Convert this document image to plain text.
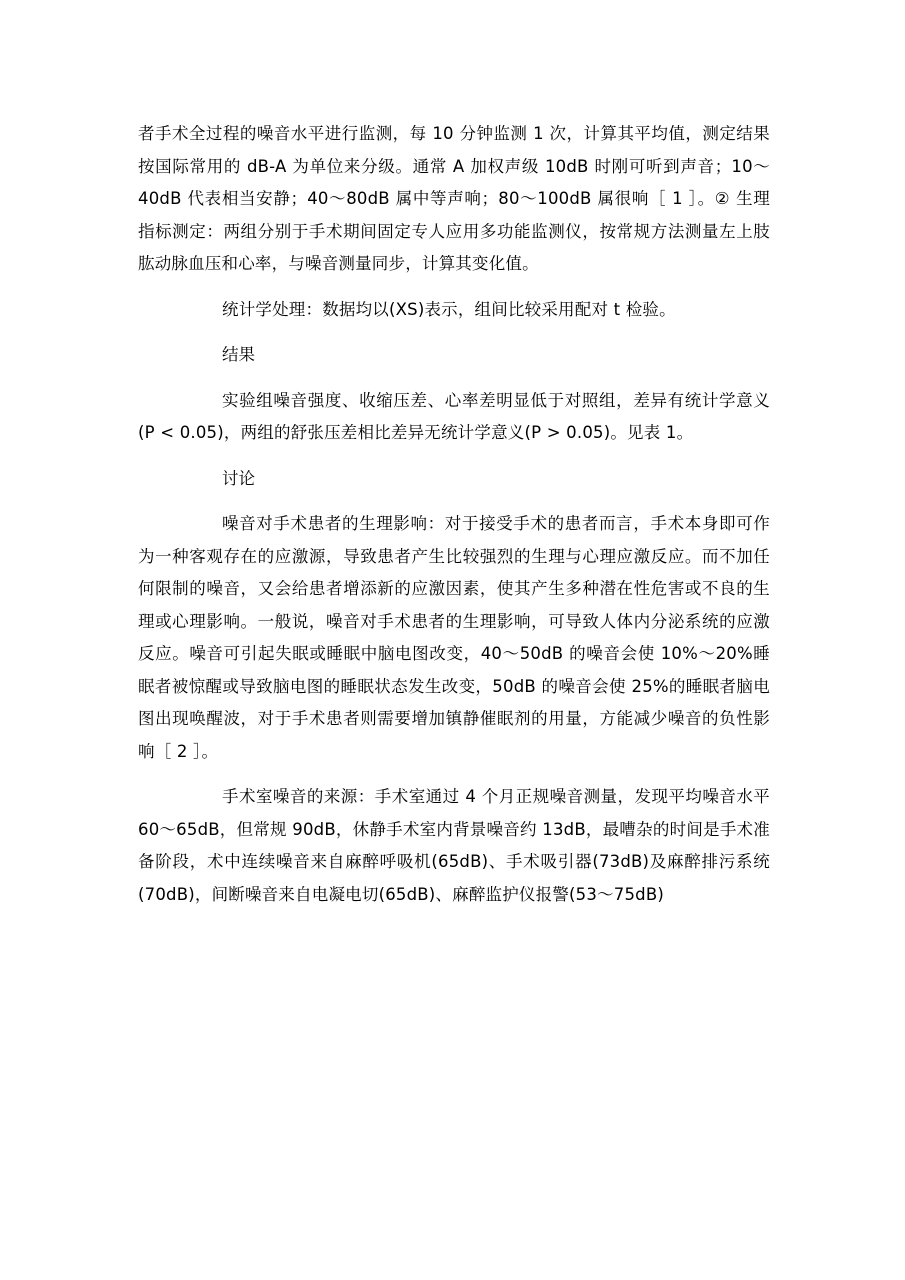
者手术全过程的噪音水平进行监测，每 10 分钟监测 1 次，计算其平均值，测定结果按国际常用的 dB-A 为单位来分级。通常 A 加权声级 10dB 时刚可听到声音；10～40dB 代表相当安静；40～80dB 属中等声响；80～100dB 属很响［ 1 ］。② 生理指标测定：两组分别于手术期间固定专人应用多功能监测仪，按常规方法测量左上肢肱动脉血压和心率，与噪音测量同步，计算其变化值。

统计学处理：数据均以(XS)表示，组间比较采用配对 t 检验。

结果

实验组噪音强度、收缩压差、心率差明显低于对照组，差异有统计学意义(P < 0.05)，两组的舒张压差相比差异无统计学意义(P > 0.05)。见表 1。

讨论

噪音对手术患者的生理影响：对于接受手术的患者而言，手术本身即可作为一种客观存在的应激源，导致患者产生比较强烈的生理与心理应激反应。而不加任何限制的噪音，又会给患者增添新的应激因素，使其产生多种潜在性危害或不良的生理或心理影响。一般说，噪音对手术患者的生理影响，可导致人体内分泌系统的应激反应。噪音可引起失眠或睡眠中脑电图改变，40～50dB 的噪音会使 10%～20%睡眠者被惊醒或导致脑电图的睡眠状态发生改变，50dB 的噪音会使 25%的睡眠者脑电图出现唤醒波，对于手术患者则需要增加镇静催眠剂的用量，方能减少噪音的负性影响［ 2 ］。

手术室噪音的来源：手术室通过 4 个月正规噪音测量，发现平均噪音水平 60～65dB，但常规 90dB，休静手术室内背景噪音约 13dB，最嘈杂的时间是手术准备阶段，术中连续噪音来自麻醉呼吸机(65dB)、手术吸引器(73dB)及麻醉排污系统(70dB)，间断噪音来自电凝电切(65dB)、麻醉监护仪报警(53～75dB)
